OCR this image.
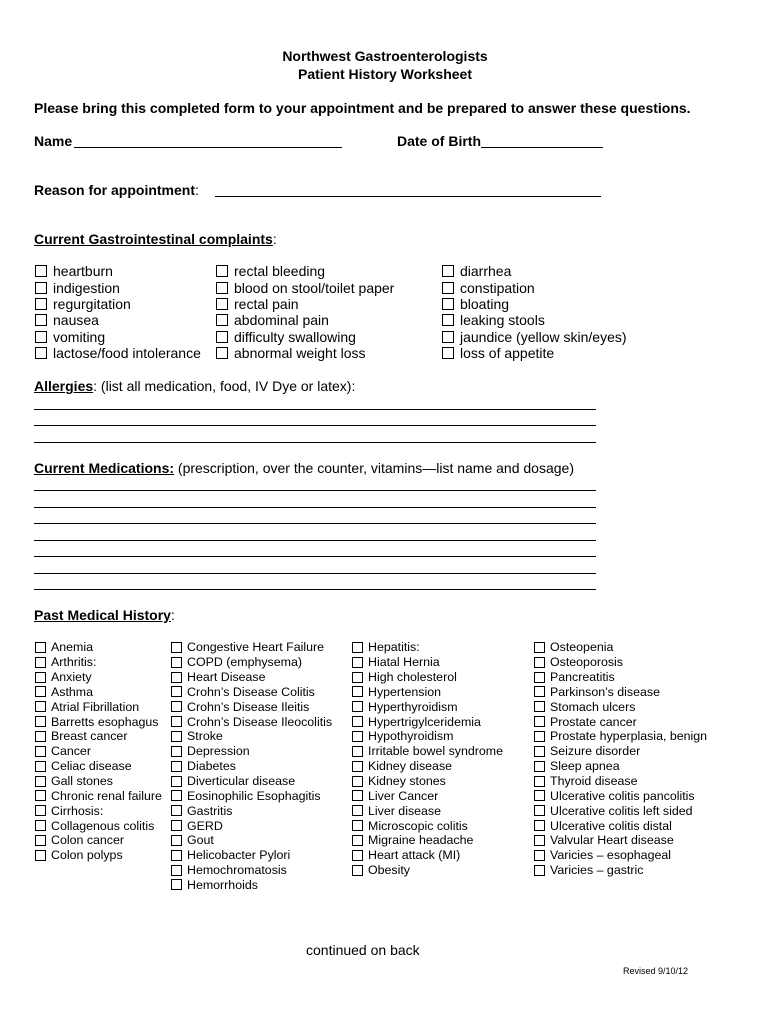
Northwest Gastroenterologists
Patient History Worksheet
Please bring this completed form to your appointment and be prepared to answer these questions.
Name	Date of Birth
Reason for appointment:
Current Gastrointestinal complaints:
heartburn
indigestion
regurgitation
nausea
vomiting
lactose/food intolerance
rectal bleeding
blood on stool/toilet paper
rectal pain
abdominal pain
difficulty swallowing
abnormal weight loss
diarrhea
constipation
bloating
leaking stools
jaundice (yellow skin/eyes)
loss of appetite
Allergies: (list all medication, food, IV Dye or latex):
Current Medications: (prescription, over the counter, vitamins—list name and dosage)
Past Medical History:
Anemia
Arthritis:
Anxiety
Asthma
Atrial Fibrillation
Barretts esophagus
Breast cancer
Cancer
Celiac disease
Gall stones
Chronic renal failure
Cirrhosis:
Collagenous colitis
Colon cancer
Colon polyps
Congestive Heart Failure
COPD (emphysema)
Heart Disease
Crohn’s Disease Colitis
Crohn’s Disease Ileitis
Crohn’s Disease Ileocolitis
Stroke
Depression
Diabetes
Diverticular disease
Eosinophilic Esophagitis
Gastritis
GERD
Gout
Helicobacter Pylori
Hemochromatosis
Hemorrhoids
Hepatitis:
Hiatal Hernia
High cholesterol
Hypertension
Hyperthyroidism
Hypertrigylceridemia
Hypothyroidism
Irritable bowel syndrome
Kidney disease
Kidney stones
Liver Cancer
Liver disease
Microscopic colitis
Migraine headache
Heart attack (MI)
Obesity
Osteopenia
Osteoporosis
Pancreatitis
Parkinson’s disease
Stomach ulcers
Prostate cancer
Prostate hyperplasia, benign
Seizure disorder
Sleep apnea
Thyroid disease
Ulcerative colitis pancolitis
Ulcerative colitis left sided
Ulcerative colitis distal
Valvular Heart disease
Varicies – esophageal
Varicies – gastric
continued on back
Revised 9/10/12
